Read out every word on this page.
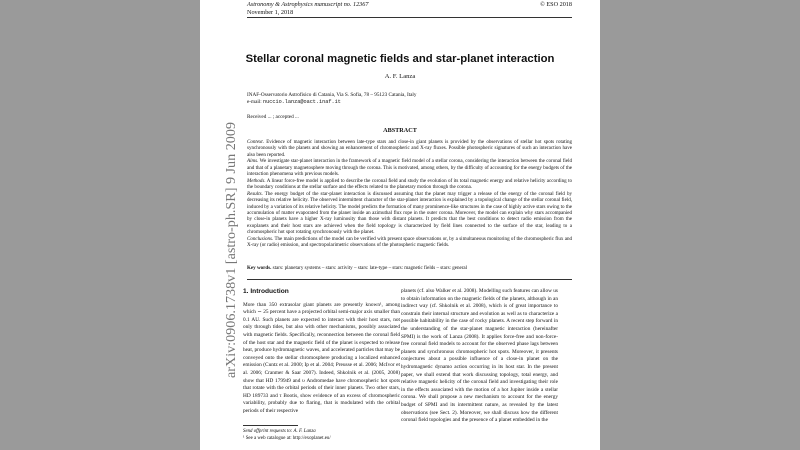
Astronomy & Astrophysics manuscript no. 12367
November 1, 2018
© ESO 2018
Stellar coronal magnetic fields and star-planet interaction
A. F. Lanza
INAF-Osservatorio Astrofisico di Catania, Via S. Sofia, 78 – 95123 Catania, Italy
e-mail: nuccio.lanza@oact.inaf.it
Received ... ; accepted ...
ABSTRACT

Context. Evidence of magnetic interaction between late-type stars and close-in giant planets is provided by the observations of stellar hot spots rotating synchronously with the planets and showing an enhancement of chromospheric and X-ray fluxes. Possible photospheric signatures of such an interaction have also been reported.

Aims. We investigate star-planet interaction in the framework of a magnetic field model of a stellar corona, considering the interaction between the coronal field and that of a planetary magnetosphere moving through the corona. This is motivated, among others, by the difficulty of accounting for the energy budgets of the interaction phenomena with previous models.

Methods. A linear force-free model is applied to describe the coronal field and study the evolution of its total magnetic energy and relative helicity according to the boundary conditions at the stellar surface and the effects related to the planetary motion through the corona.

Results. The energy budget of the star-planet interaction is discussed assuming that the planet may trigger a release of the energy of the coronal field by decreasing its relative helicity. The observed intermittent character of the star-planet interaction is explained by a topological change of the stellar coronal field, induced by a variation of its relative helicity. The model predicts the formation of many prominence-like structures in the case of highly active stars owing to the accumulation of matter evaporated from the planet inside an azimuthal flux rope in the outer corona. Moreover, the model can explain why stars accompanied by close-in planets have a higher X-ray luminosity than those with distant planets. It predicts that the best conditions to detect radio emission from the exoplanets and their host stars are achieved when the field topology is characterized by field lines connected to the surface of the star, leading to a chromospheric hot spot rotating synchronously with the planet.

Conclusions. The main predictions of the model can be verified with present space observations or, by a simultaneous monitoring of the chromospheric flux and X-ray (or radio) emission, and spectropolarimetric observations of the photospheric magnetic fields.

Key words. stars: planetary systems – stars: activity – stars: late-type – stars: magnetic fields – stars: general
1. Introduction

More than 350 extrasolar giant planets are presently known¹, among which ∼ 25 percent have a projected orbital semi-major axis smaller than 0.1 AU. Such planets are expected to interact with their host stars, not only through tides, but also with other mechanisms, possibly associated with magnetic fields. Specifically, reconnection between the coronal field of the host star and the magnetic field of the planet is expected to release heat, produce hydromagnetic waves, and accelerated particles that may be conveyed onto the stellar chromosphere producing a localized enhanced emission (Cuntz et al. 2000; Ip et al. 2004; Preusse et al. 2006; McIvor et al. 2006; Cranmer & Saar 2007). Indeed, Shkolnik et al. (2005, 2008) show that HD 179949 and υ Andromedae have chromospheric hot spots that rotate with the orbital periods of their inner planets. Two other stars, HD 189733 and τ Bootis, show evidence of an excess of chromospheric variability, probably due to flaring, that is modulated with the orbital periods of their respective

planets (cf. also Walker et al. 2008). Modelling such features can allow us to obtain information on the magnetic fields of the planets, although in an indirect way (cf. Shkolnik et al. 2008), which is of great importance to constrain their internal structure and evolution as well as to characterize a possible habitability in the case of rocky planets. A recent step forward in the understanding of the star-planet magnetic interaction (hereinafter SPMI) is the work of Lanza (2008). It applies force-free and non-force-free coronal field models to account for the observed phase lags between planets and synchronous chromospheric hot spots. Moreover, it presents conjectures about a possible influence of a close-in planet on the hydromagnetic dynamo action occurring in its host star. In the present paper, we shall extend that work discussing topology, total energy, and relative magnetic helicity of the coronal field and investigating their role in the effects associated with the motion of a hot Jupiter inside a stellar corona. We shall propose a new mechanism to account for the energy budget of SPMI and its intermittent nature, as revealed by the latest observations (see Sect. 2). Moreover, we shall discuss how the different coronal field topologies and the presence of a planet embedded in the

Send offprint requests to: A. F. Lanza
¹ See a web catalogue at: http://exoplanet.eu/
arXiv:0906.1738v1 [astro-ph.SR] 9 Jun 2009
